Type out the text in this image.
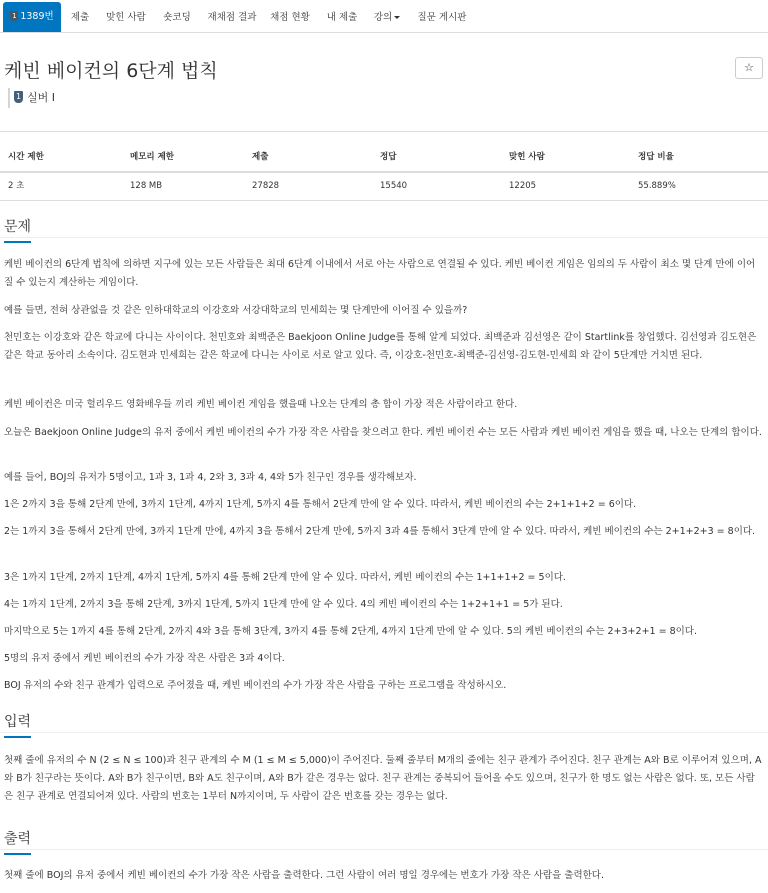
1 1389번	제출	맞힌 사람	숏코딩	재채점 결과	채점 현황	내 제출	강의	질문 게시판
케빈 베이컨의 6단계 법칙	☆
1 실버 I
시간 제한	메모리 제한	제출	정답	맞힌 사람	정답 비율
2 초	128 MB	27828	15540	12205	55.889%
문제
케빈 베이컨의 6단계 법칙에 의하면 지구에 있는 모든 사람들은 최대 6단계 이내에서 서로 아는 사람으로 연결될 수 있다. 케빈 베이컨 게임은 임의의 두 사람이 최소 몇 단계 만에 이어질 수 있는지 계산하는 게임이다.
예를 들면, 전혀 상관없을 것 같은 인하대학교의 이강호와 서강대학교의 민세희는 몇 단계만에 이어질 수 있을까?
천민호는 이강호와 같은 학교에 다니는 사이이다. 천민호와 최백준은 Baekjoon Online Judge를 통해 알게 되었다. 최백준과 김선영은 같이 Startlink를 창업했다. 김선영과 김도현은 같은 학교 동아리 소속이다. 김도현과 민세희는 같은 학교에 다니는 사이로 서로 알고 있다. 즉, 이강호-천민호-최백준-김선영-김도현-민세희 와 같이 5단계만 거치면 된다.
케빈 베이컨은 미국 헐리우드 영화배우들 끼리 케빈 베이컨 게임을 했을때 나오는 단계의 총 합이 가장 적은 사람이라고 한다.
오늘은 Baekjoon Online Judge의 유저 중에서 케빈 베이컨의 수가 가장 작은 사람을 찾으려고 한다. 케빈 베이컨 수는 모든 사람과 케빈 베이컨 게임을 했을 때, 나오는 단계의 합이다.
예를 들어, BOJ의 유저가 5명이고, 1과 3, 1과 4, 2와 3, 3과 4, 4와 5가 친구인 경우를 생각해보자.
1은 2까지 3을 통해 2단계 만에, 3까지 1단계, 4까지 1단계, 5까지 4를 통해서 2단계 만에 알 수 있다. 따라서, 케빈 베이컨의 수는 2+1+1+2 = 6이다.
2는 1까지 3을 통해서 2단계 만에, 3까지 1단계 만에, 4까지 3을 통해서 2단계 만에, 5까지 3과 4를 통해서 3단계 만에 알 수 있다. 따라서, 케빈 베이컨의 수는 2+1+2+3 = 8이다.
3은 1까지 1단계, 2까지 1단계, 4까지 1단계, 5까지 4를 통해 2단계 만에 알 수 있다. 따라서, 케빈 베이컨의 수는 1+1+1+2 = 5이다.
4는 1까지 1단계, 2까지 3을 통해 2단계, 3까지 1단계, 5까지 1단계 만에 알 수 있다. 4의 케빈 베이컨의 수는 1+2+1+1 = 5가 된다.
마지막으로 5는 1까지 4를 통해 2단계, 2까지 4와 3을 통해 3단계, 3까지 4를 통해 2단계, 4까지 1단계 만에 알 수 있다. 5의 케빈 베이컨의 수는 2+3+2+1 = 8이다.
5명의 유저 중에서 케빈 베이컨의 수가 가장 작은 사람은 3과 4이다.
BOJ 유저의 수와 친구 관계가 입력으로 주어졌을 때, 케빈 베이컨의 수가 가장 작은 사람을 구하는 프로그램을 작성하시오.
입력
첫째 줄에 유저의 수 N (2 ≤ N ≤ 100)과 친구 관계의 수 M (1 ≤ M ≤ 5,000)이 주어진다. 둘째 줄부터 M개의 줄에는 친구 관계가 주어진다. 친구 관계는 A와 B로 이루어져 있으며, A와 B가 친구라는 뜻이다. A와 B가 친구이면, B와 A도 친구이며, A와 B가 같은 경우는 없다. 친구 관계는 중복되어 들어올 수도 있으며, 친구가 한 명도 없는 사람은 없다. 또, 모든 사람은 친구 관계로 연결되어져 있다. 사람의 번호는 1부터 N까지이며, 두 사람이 같은 번호를 갖는 경우는 없다.
출력
첫째 줄에 BOJ의 유저 중에서 케빈 베이컨의 수가 가장 작은 사람을 출력한다. 그런 사람이 여러 명일 경우에는 번호가 가장 작은 사람을 출력한다.
